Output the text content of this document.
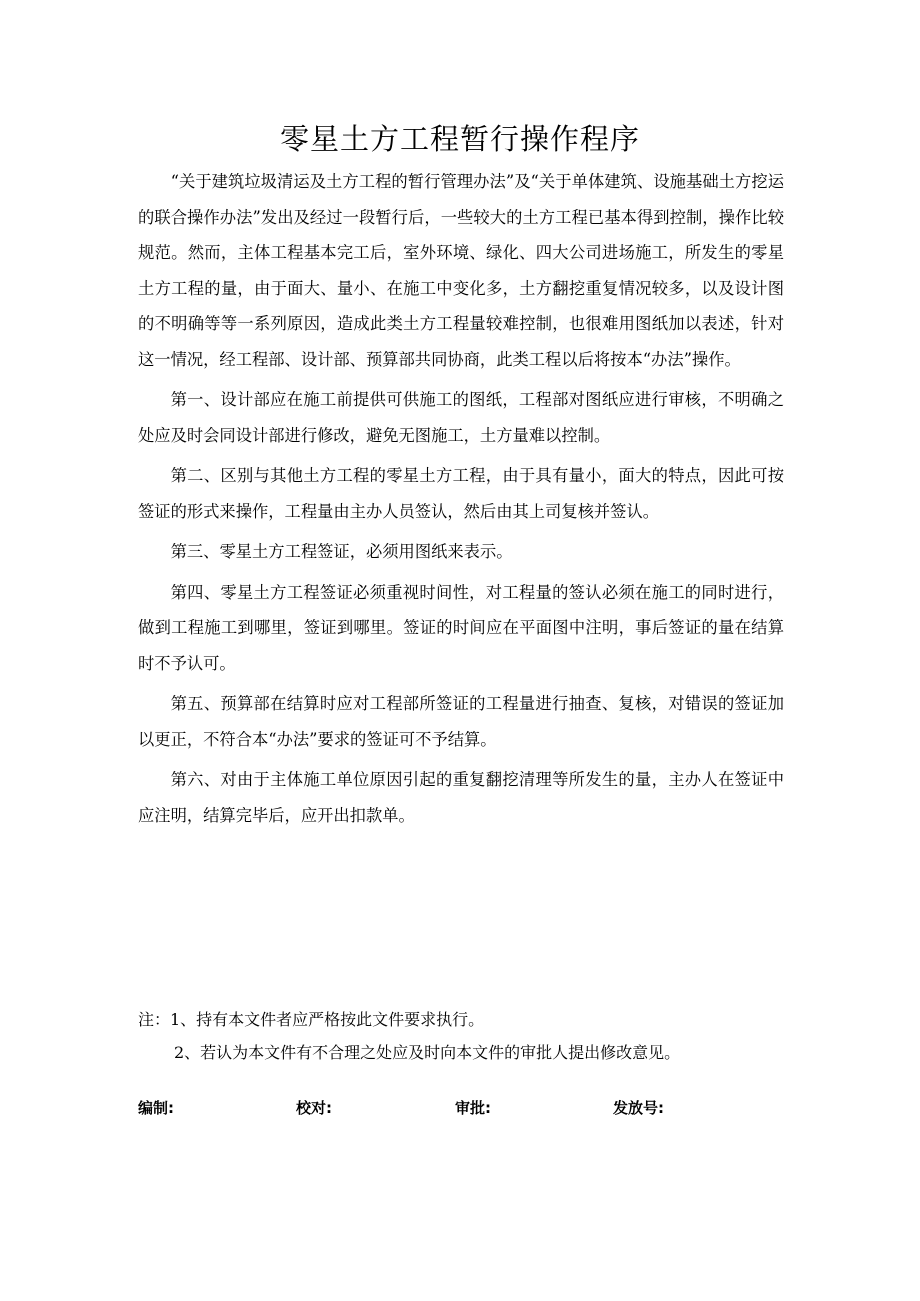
零星土方工程暂行操作程序

“关于建筑垃圾清运及土方工程的暂行管理办法”及“关于单体建筑、设施基础土方挖运的联合操作办法”发出及经过一段暂行后，一些较大的土方工程已基本得到控制，操作比较规范。然而，主体工程基本完工后，室外环境、绿化、四大公司进场施工，所发生的零星土方工程的量，由于面大、量小、在施工中变化多，土方翻挖重复情况较多，以及设计图的不明确等等一系列原因，造成此类土方工程量较难控制，也很难用图纸加以表述，针对这一情况，经工程部、设计部、预算部共同协商，此类工程以后将按本“办法”操作。

第一、设计部应在施工前提供可供施工的图纸，工程部对图纸应进行审核，不明确之处应及时会同设计部进行修改，避免无图施工，土方量难以控制。

第二、区别与其他土方工程的零星土方工程，由于具有量小，面大的特点，因此可按签证的形式来操作，工程量由主办人员签认，然后由其上司复核并签认。

第三、零星土方工程签证，必须用图纸来表示。

第四、零星土方工程签证必须重视时间性，对工程量的签认必须在施工的同时进行，做到工程施工到哪里，签证到哪里。签证的时间应在平面图中注明，事后签证的量在结算时不予认可。

第五、预算部在结算时应对工程部所签证的工程量进行抽查、复核，对错误的签证加以更正，不符合本“办法”要求的签证可不予结算。

第六、对由于主体施工单位原因引起的重复翻挖清理等所发生的量，主办人在签证中应注明，结算完毕后，应开出扣款单。

注：1、持有本文件者应严格按此文件要求执行。

2、若认为本文件有不合理之处应及时向本文件的审批人提出修改意见。

编制:	校对:	审批:	发放号:
